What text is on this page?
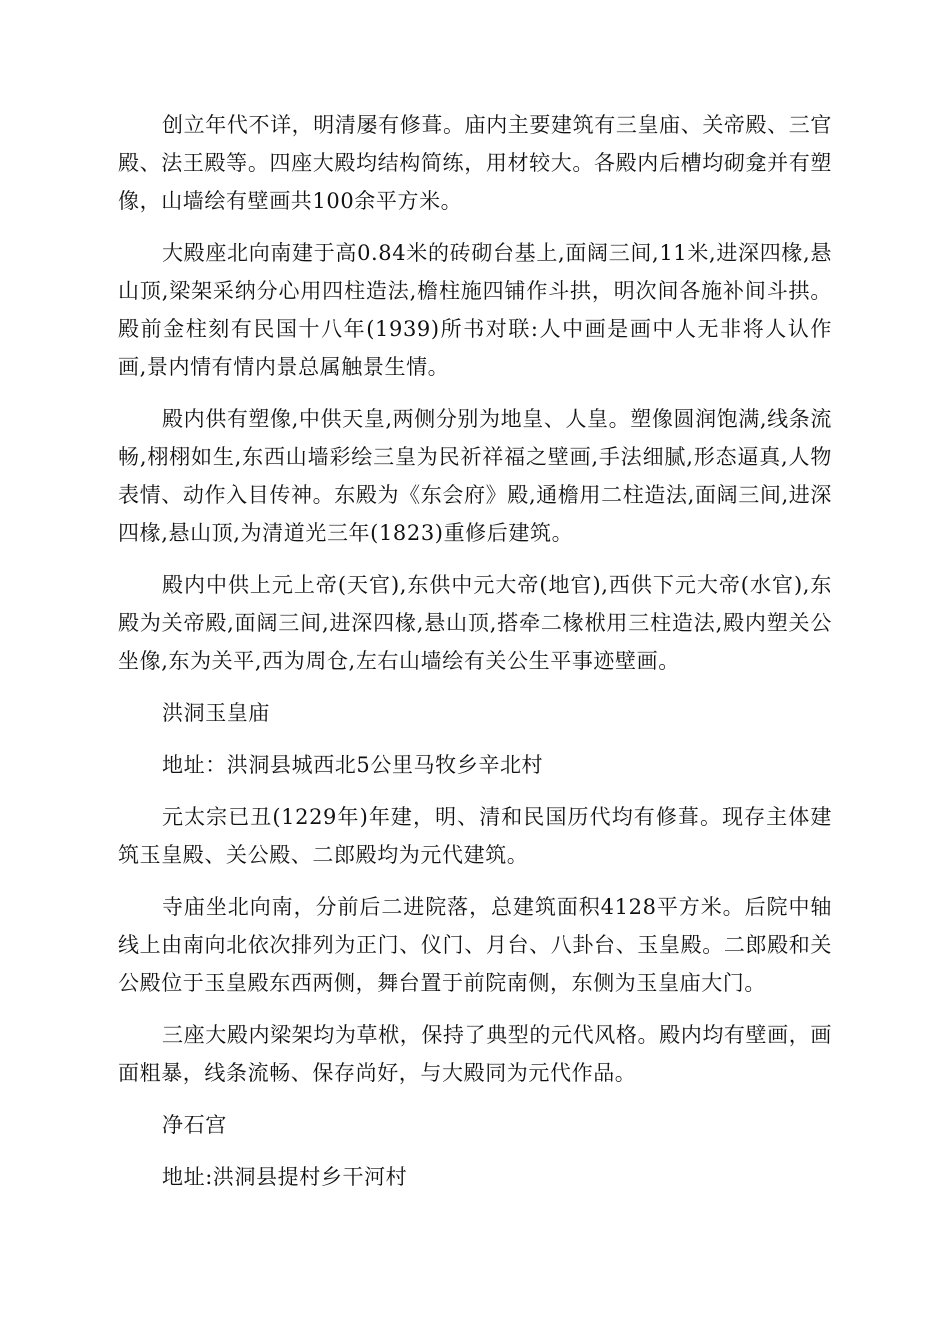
创立年代不详，明清屡有修葺。庙内主要建筑有三皇庙、关帝殿、三官殿、法王殿等。四座大殿均结构简练，用材较大。各殿内后槽均砌龛并有塑像，山墙绘有壁画共100余平方米。

大殿座北向南建于高0.84米的砖砌台基上,面阔三间,11米,进深四椽,悬山顶,梁架采纳分心用四柱造法,檐柱施四铺作斗拱，明次间各施补间斗拱。殿前金柱刻有民国十八年(1939)所书对联:人中画是画中人无非将人认作画,景内情有情内景总属触景生情。

殿内供有塑像,中供天皇,两侧分别为地皇、人皇。塑像圆润饱满,线条流畅,栩栩如生,东西山墙彩绘三皇为民祈祥福之壁画,手法细腻,形态逼真,人物表情、动作入目传神。东殿为《东会府》殿,通檐用二柱造法,面阔三间,进深四椽,悬山顶,为清道光三年(1823)重修后建筑。

殿内中供上元上帝(天官),东供中元大帝(地官),西供下元大帝(水官),东殿为关帝殿,面阔三间,进深四椽,悬山顶,搭牵二椽栿用三柱造法,殿内塑关公坐像,东为关平,西为周仓,左右山墙绘有关公生平事迹壁画。

洪洞玉皇庙

地址：洪洞县城西北5公里马牧乡辛北村

元太宗已丑(1229年)年建，明、清和民国历代均有修葺。现存主体建筑玉皇殿、关公殿、二郎殿均为元代建筑。

寺庙坐北向南，分前后二进院落，总建筑面积4128平方米。后院中轴线上由南向北依次排列为正门、仪门、月台、八卦台、玉皇殿。二郎殿和关公殿位于玉皇殿东西两侧，舞台置于前院南侧，东侧为玉皇庙大门。

三座大殿内梁架均为草栿，保持了典型的元代风格。殿内均有壁画，画面粗暴，线条流畅、保存尚好，与大殿同为元代作品。

净石宫

地址:洪洞县提村乡干河村
